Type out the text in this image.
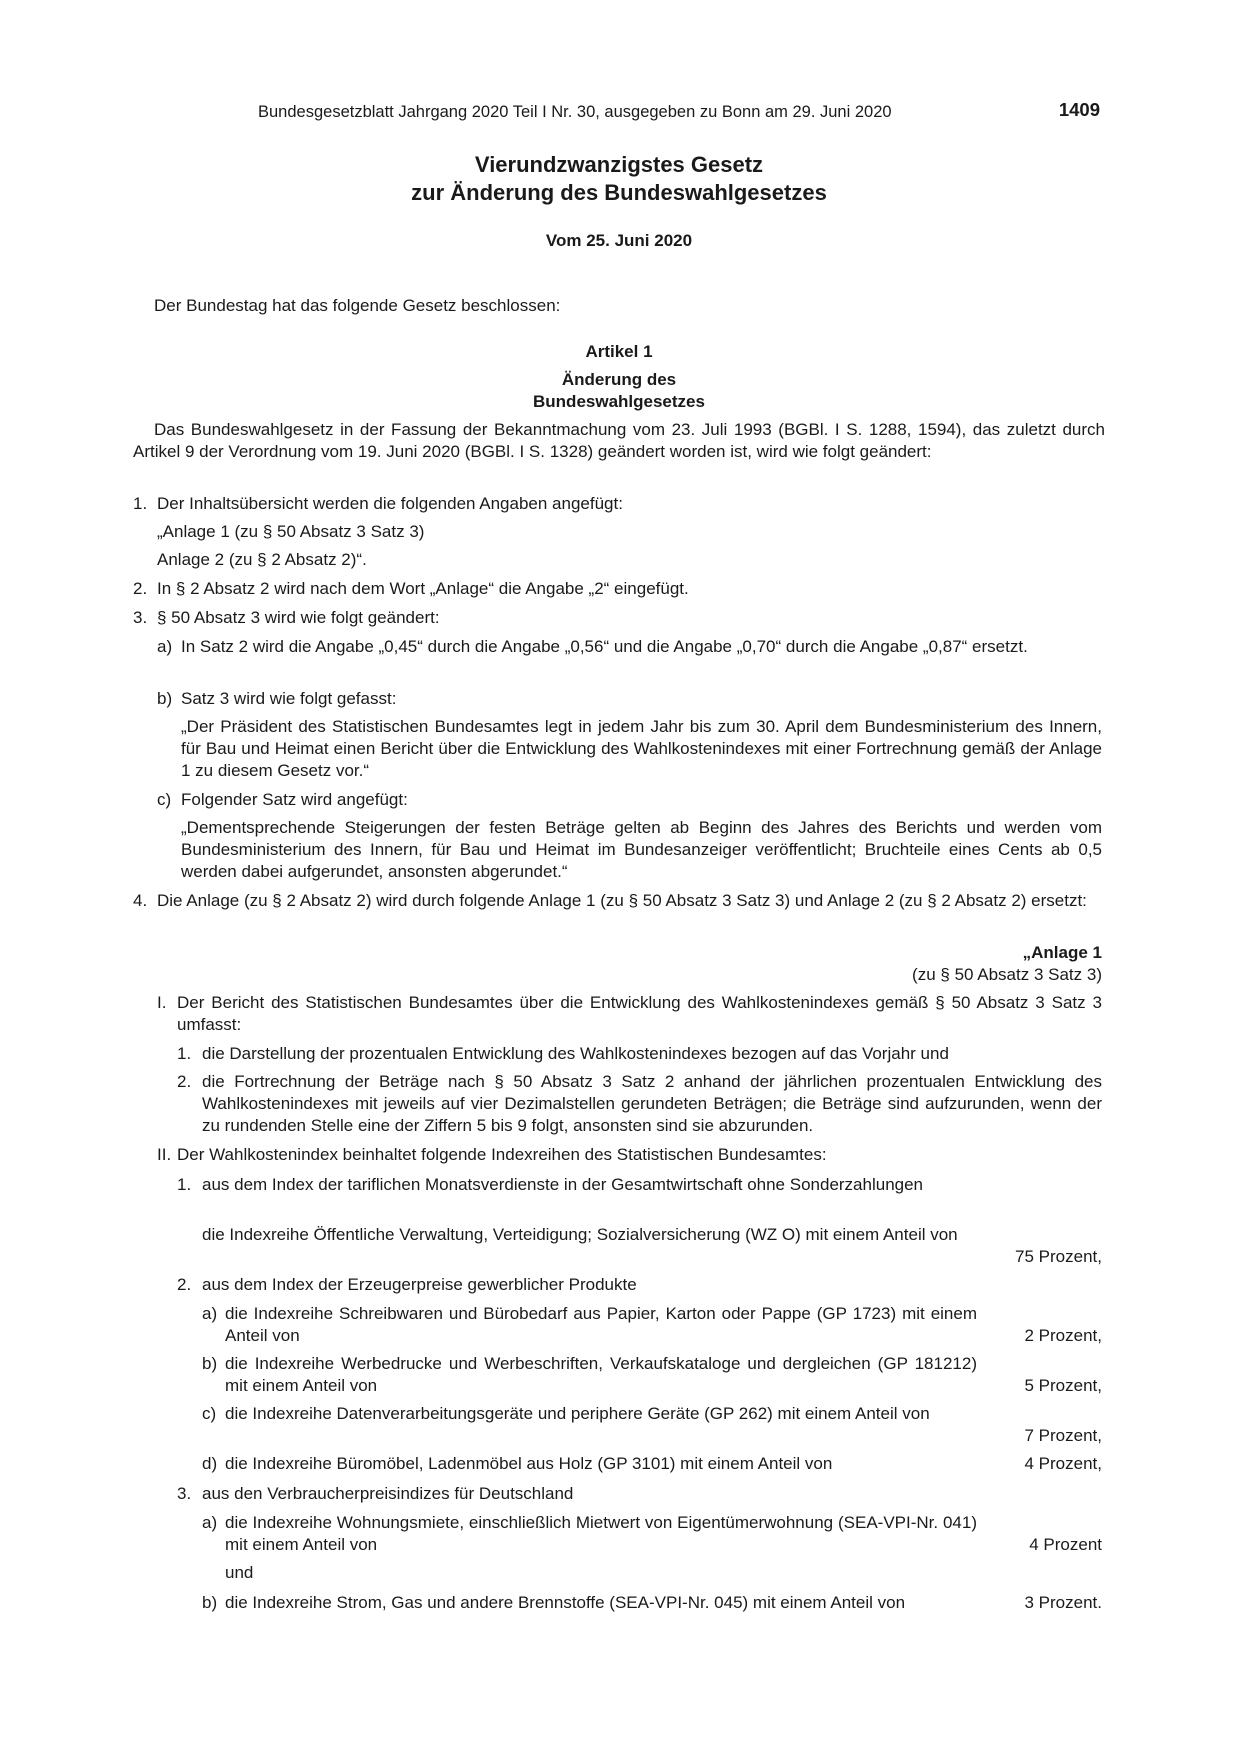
Bundesgesetzblatt Jahrgang 2020 Teil I Nr. 30, ausgegeben zu Bonn am 29. Juni 2020	1409
Vierundzwanzigstes Gesetz
zur Änderung des Bundeswahlgesetzes
Vom 25. Juni 2020
Der Bundestag hat das folgende Gesetz beschlossen:
Artikel 1
Änderung des
Bundeswahlgesetzes
Das Bundeswahlgesetz in der Fassung der Bekanntmachung vom 23. Juli 1993 (BGBl. I S. 1288, 1594), das zuletzt durch Artikel 9 der Verordnung vom 19. Juni 2020 (BGBl. I S. 1328) geändert worden ist, wird wie folgt geändert:
1. Der Inhaltsübersicht werden die folgenden Angaben angefügt:
„Anlage 1 (zu § 50 Absatz 3 Satz 3)
Anlage 2 (zu § 2 Absatz 2)“.
2. In § 2 Absatz 2 wird nach dem Wort „Anlage“ die Angabe „2“ eingefügt.
3. § 50 Absatz 3 wird wie folgt geändert:
a) In Satz 2 wird die Angabe „0,45“ durch die Angabe „0,56“ und die Angabe „0,70“ durch die Angabe „0,87“ ersetzt.
b) Satz 3 wird wie folgt gefasst:
„Der Präsident des Statistischen Bundesamtes legt in jedem Jahr bis zum 30. April dem Bundesministerium des Innern, für Bau und Heimat einen Bericht über die Entwicklung des Wahlkostenindexes mit einer Fortrechnung gemäß der Anlage 1 zu diesem Gesetz vor.“
c) Folgender Satz wird angefügt:
„Dementsprechende Steigerungen der festen Beträge gelten ab Beginn des Jahres des Berichts und werden vom Bundesministerium des Innern, für Bau und Heimat im Bundesanzeiger veröffentlicht; Bruchteile eines Cents ab 0,5 werden dabei aufgerundet, ansonsten abgerundet.“
4. Die Anlage (zu § 2 Absatz 2) wird durch folgende Anlage 1 (zu § 50 Absatz 3 Satz 3) und Anlage 2 (zu § 2 Absatz 2) ersetzt:
„Anlage 1
(zu § 50 Absatz 3 Satz 3)
I. Der Bericht des Statistischen Bundesamtes über die Entwicklung des Wahlkostenindexes gemäß § 50 Absatz 3 Satz 3 umfasst:
1. die Darstellung der prozentualen Entwicklung des Wahlkostenindexes bezogen auf das Vorjahr und
2. die Fortrechnung der Beträge nach § 50 Absatz 3 Satz 2 anhand der jährlichen prozentualen Entwicklung des Wahlkostenindexes mit jeweils auf vier Dezimalstellen gerundeten Beträgen; die Beträge sind aufzurunden, wenn der zu rundenden Stelle eine der Ziffern 5 bis 9 folgt, ansonsten sind sie abzurunden.
II. Der Wahlkostenindex beinhaltet folgende Indexreihen des Statistischen Bundesamtes:
1. aus dem Index der tariflichen Monatsverdienste in der Gesamtwirtschaft ohne Sonderzahlungen
die Indexreihe Öffentliche Verwaltung, Verteidigung; Sozialversicherung (WZ O) mit einem Anteil von
75 Prozent,
2. aus dem Index der Erzeugerpreise gewerblicher Produkte
a) die Indexreihe Schreibwaren und Bürobedarf aus Papier, Karton oder Pappe (GP 1723) mit einem Anteil von	2 Prozent,
b) die Indexreihe Werbedrucke und Werbeschriften, Verkaufskataloge und dergleichen (GP 181212) mit einem Anteil von	5 Prozent,
c) die Indexreihe Datenverarbeitungsgeräte und periphere Geräte (GP 262) mit einem Anteil von
7 Prozent,
d) die Indexreihe Büromöbel, Ladenmöbel aus Holz (GP 3101) mit einem Anteil von	4 Prozent,
3. aus den Verbraucherpreisindizes für Deutschland
a) die Indexreihe Wohnungsmiete, einschließlich Mietwert von Eigentümerwohnung (SEA-VPI-Nr. 041) mit einem Anteil von	4 Prozent
und
b) die Indexreihe Strom, Gas und andere Brennstoffe (SEA-VPI-Nr. 045) mit einem Anteil von	3 Prozent.
